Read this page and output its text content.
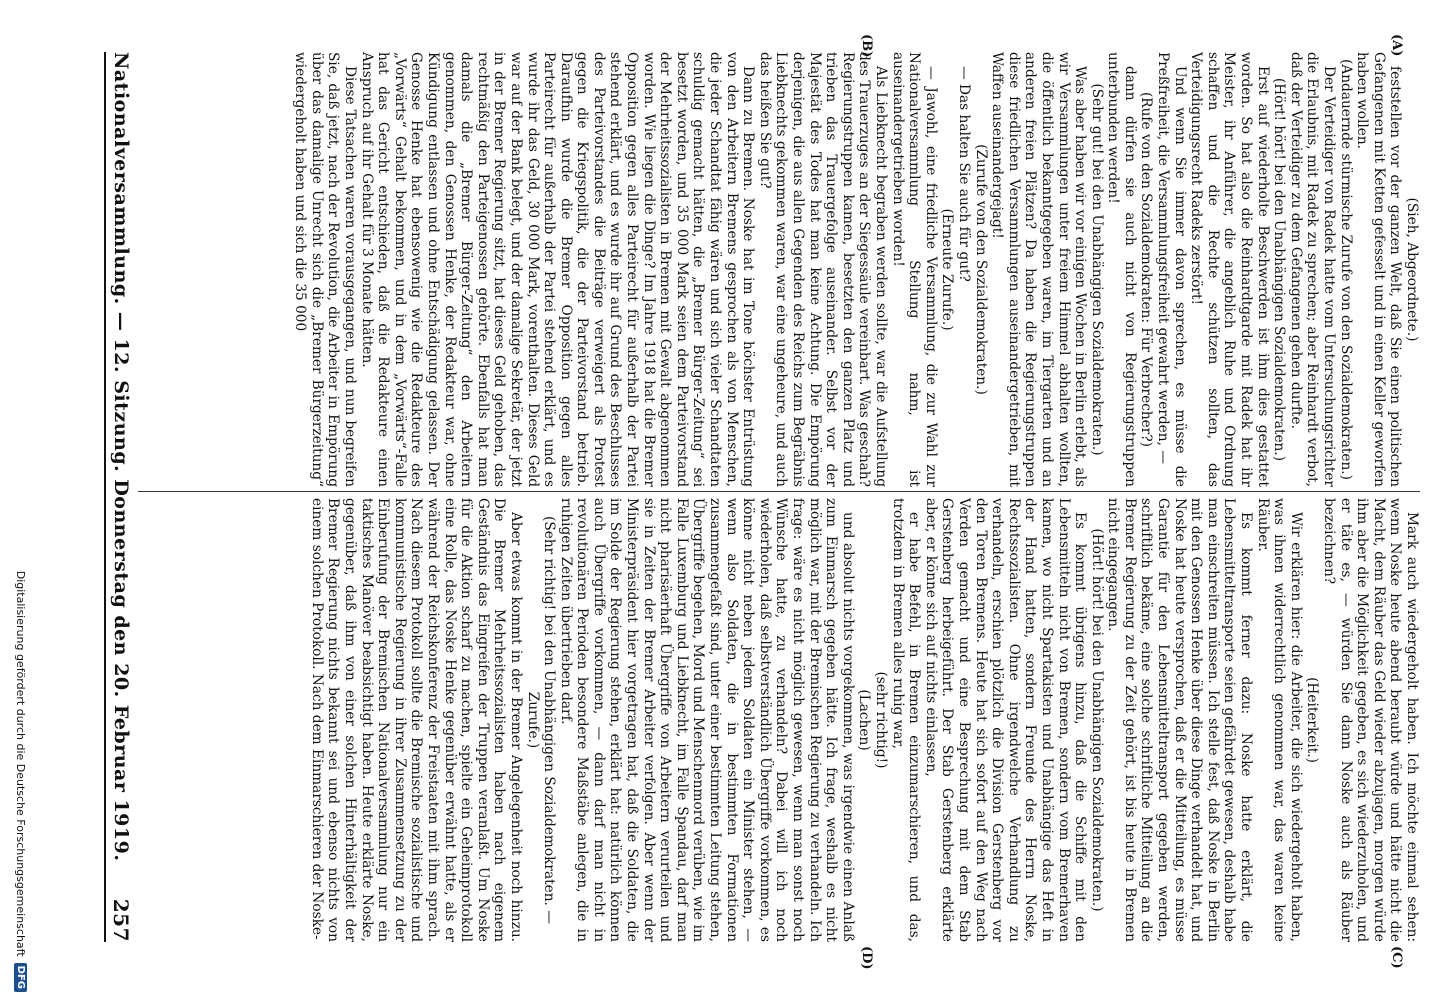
(Sieh, Abgeordnete.)

feststellen vor der ganzen Welt, daß Sie einen politischen Gefangenen mit Ketten gefesselt und in einen Keller geworfen haben wollen.

(Andauernde stürmische Zurufe von den Sozialdemokraten.)

Der Verteidiger von Radek hatte vom Untersuchungsrichter die Erlaubnis, mit Radek zu sprechen; aber Reinhardt verbot, daß der Verteidiger zu dem Gefangenen gehen durfte.

(Hört! hört! bei den Unabhängigen Sozialdemokraten.)

Erst auf wiederholte Beschwerden ist ihm dies gestattet worden. So hat also die Reinhardtgarde mit Radek hat ihr Meister, ihr Anführer, die angeblich Ruhe und Ordnung schaffen und die Rechte schützen sollten, das Verteidigungsrecht Radeks zerstört!

Und wenn Sie immer davon sprechen, es müsse die Preßfreiheit, die Versammlungsfreiheit gewahrt werden, —

(Rufe von den Sozialdemokraten: Für Verbrecher?)

dann dürfen sie auch nicht von Regierungstruppen unterbunden werden!

(Sehr gut! bei den Unabhängigen Sozialdemokraten.)

Was aber haben wir vor einigen Wochen in Berlin erlebt, als wir Versammlungen unter freiem Himmel abhalten wollten, die öffentlich bekanntgegeben waren, im Tiergarten und an anderen freien Plätzen? Da haben die Regierungstruppen diese friedlichen Versammlungen auseinandergetrieben, mit Waffen auseinandergejagt!

(Zurufe von den Sozialdemokraten.)

— Das halten Sie auch für gut?

(Erneute Zurufe.)

— Jawohl, eine friedliche Versammlung, die zur Wahl zur Nationalversammlung Stellung nahm, ist auseinandergetrieben worden!

Als Liebknecht begraben werden sollte, war die Aufstellung des Trauerzuges an der Siegessäule vereinbart. Was geschah? Regierungstruppen kamen, besetzten den ganzen Platz und trieben das Trauergefolge auseinander. Selbst vor der Majestät des Todes hat man keine Achtung. Die Empörung derjenigen, die aus allen Gegenden des Reichs zum Begräbnis Liebknechts gekommen waren, war eine ungeheure, und auch das heißen Sie gut?

Dann zu Bremen. Noske hat im Tone höchster Entrüstung von den Arbeitern Bremens gesprochen als von Menschen, die jeder Schandtat fähig wären und sich vieler Schandtaten schuldig gemacht hätten, die „Bremer Bürger-Zeitung“ sei besetzt worden, und 35 000 Mark seien dem Parteivorstand der Mehrheitssozialisten in Bremen mit Gewalt abgenommen worden. Wie liegen die Dinge? Im Jahre 1918 hat die Bremer Opposition gegen alles Parteirecht für außerhalb der Partei stehend erklärt, und es wurde ihr auf Grund des Beschlusses des Parteivorstandes die Beiträge verweigert als Protest gegen die Kriegspolitik, die der Parteivorstand betrieb. Daraufhin wurde die Bremer Opposition gegen alles Parteirecht für außerhalb der Partei stehend erklärt, und es wurde ihr das Geld, 30 000 Mark, vorenthalten. Dieses Geld war auf der Bank belegt, und der damalige Sekretär, der jetzt in der Bremer Regierung sitzt, hat dieses Geld gehoben, das rechtmäßig den Parteigenossen gehörte. Ebenfalls hat man damals die „Bremer Bürger-Zeitung“ den Arbeitern genommen, den Genossen Henke, der Redakteur war, ohne Kündigung entlassen und ohne Entschädigung gelassen. Der Genosse Henke hat ebensowenig wie die Redakteure des „Vorwärts“ Gehalt bekommen, und in dem „Vorwärts“-Falle hat das Gericht entschieden, daß die Redakteure einen Anspruch auf ihr Gehalt für 3 Monate hätten.

Diese Tatsachen waren vorausgegangen, und nun begreifen Sie, daß jetzt, nach der Revolution, die Arbeiter in Empörung über das damalige Unrecht sich die „Bremer Bürgerzeitung“ wiedergeholt haben und sich die 35 000

Mark auch wiedergeholt haben. Ich möchte einmal sehen: wenn Noske heute abend beraubt würde und hätte nicht die Macht, dem Räuber das Geld wieder abzujagen, morgen würde ihm aber die Möglichkeit gegeben, es sich wiederzuholen, und er täte es, — würden Sie dann Noske auch als Räuber bezeichnen?

(Heiterkeit.)

Wir erklären hier: die Arbeiter, die sich wiedergeholt haben, was ihnen widerrechtlich genommen war, das waren keine Räuber.

Es kommt ferner dazu: Noske hatte erklärt, die Lebensmitteltransporte seien gefährdet gewesen, deshalb habe man einschreiten müssen. Ich stelle fest, daß Noske in Berlin mit den Genossen Henke über diese Dinge verhandelt hat, und Noske hat heute versprochen, daß er die Mitteilung, es müsse Garantie für den Lebensmitteltransport gegeben werden, schriftlich bekäme, eine solche schriftliche Mitteilung an die Bremer Regierung zu der Zeit gehört, ist bis heute in Bremen nicht eingegangen.

(Hört! hört! bei den Unabhängigen Sozialdemokraten.)

Es kommt übrigens hinzu, daß die Schiffe mit den Lebensmitteln nicht von Bremen, sondern vom Bremerhaven kamen, wo nicht Spartakisten und Unabhängige das Heft in der Hand hatten, sondern Freunde des Herrn Noske, Rechtssozialisten. Ohne irgendwelche Verhandlung zu verhandeln, erschien plötzlich die Division Gerstenberg vor den Toren Bremens. Heute hat sich sofort auf den Weg nach Verden gemacht und eine Besprechung mit dem Stab Gerstenberg herbeigeführt. Der Stab Gerstenberg erklärte aber, er könne sich auf nichts einlassen,

er habe Befehl, in Bremen einzumarschieren, und das, trotzdem in Bremen alles ruhig war,

(sehr richtig!)

(Lachen)

und absolut nichts vorgekommen, was irgendwie einen Anlaß zum Einmarsch gegeben hätte. Ich frage, weshalb es nicht möglich war, mit der Bremischen Regierung zu verhandeln. Ich frage: wäre es nicht möglich gewesen, wenn man sonst noch Wünsche hatte, zu verhandeln? Dabei will ich noch wiederholen, daß selbstverständlich Übergriffe vorkommen, es könne nicht neben jedem Soldaten ein Minister stehen, — wenn also Soldaten, die in bestimmten Formationen zusammengefaßt sind, unter einer bestimmten Leitung stehen, Übergriffe begehen, Mord und Menschenmord verüben, wie im Falle Luxemburg und Liebknecht, im Falle Spandau, darf man nicht pharisäerhaft Übergriffe von Arbeitern verurteilen und sie in Zeiten der Bremer Arbeiter verfolgen. Aber wenn der Ministerpräsident hier vorgetragen hat, daß die Soldaten, die im Solde der Regierung stehen, erklärt hat: natürlich können auch Übergriffe vorkommen, — dann darf man nicht in revolutionären Perioden besondere Maßstäbe anlegen, die in ruhigen Zeiten übertrieben darf.

(Sehr richtig! bei den Unabhängigen Sozialdemokraten. — Zurufe.)

Aber etwas kommt in der Bremer Angelegenheit noch hinzu. Die Bremer Mehrheitssozialisten haben nach eigenem Geständnis das Eingreifen der Truppen veranlaßt. Um Noske für die Aktion scharf zu machen, spielte ein Geheimprotokoll eine Rolle, das Noske Henke gegenüber erwähnt hatte, als er während der Reichskonferenz der Freistaaten mit ihm sprach. Nach diesem Protokoll sollte die Bremische sozialistische und kommunistische Regierung in ihrer Zusammensetzung zu der Einberufung der Bremischen Nationalversammlung nur ein taktisches Manöver beabsichtigt haben. Heute erklärte Noske, gegenüber, daß ihm von einer solchen Hinterhältigkeit der Bremer Regierung nichts bekannt sei und ebenso nichts von einem solchen Protokoll. Nach dem Einmarschieren der Noske-

(A)
(B)
(C)
(D)
Nationalversammlung. — 12. Sitzung. Donnerstag den 20. Februar 1919.
257
Digitalisierung gefördert durch die Deutsche Forschungsgemeinschaft
DFG
